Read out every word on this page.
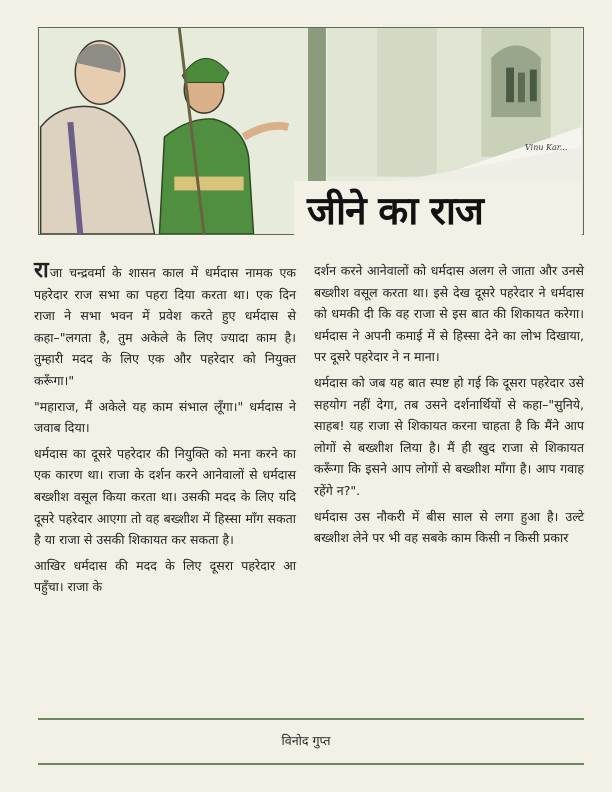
Vinu Kar...
जीने का राज

राजा चन्द्रवर्मा के शासन काल में धर्मदास नामक एक पहरेदार राज सभा का पहरा दिया करता था। एक दिन राजा ने सभा भवन में प्रवेश करते हुए धर्मदास से कहा–"लगता है, तुम अकेले के लिए ज्यादा काम है। तुम्हारी मदद के लिए एक और पहरेदार को नियुक्त करूँगा।"

"महाराज, मैं अकेले यह काम संभाल लूँगा।" धर्मदास ने जवाब दिया।

धर्मदास का दूसरे पहरेदार की नियुक्ति को मना करने का एक कारण था। राजा के दर्शन करने आनेवालों से धर्मदास बख्शीश वसूल किया करता था। उसकी मदद के लिए यदि दूसरे पहरेदार आएगा तो वह बख्शीश में हिस्सा माँग सकता है या राजा से उसकी शिकायत कर सकता है।

आखिर धर्मदास की मदद के लिए दूसरा पहरेदार आ पहुँचा। राजा के

दर्शन करने आनेवालों को धर्मदास अलग ले जाता और उनसे बख्शीश वसूल करता था। इसे देख दूसरे पहरेदार ने धर्मदास को धमकी दी कि वह राजा से इस बात की शिकायत करेगा। धर्मदास ने अपनी कमाई में से हिस्सा देने का लोभ दिखाया, पर दूसरे पहरेदार ने न माना।

धर्मदास को जब यह बात स्पष्ट हो गई कि दूसरा पहरेदार उसे सहयोग नहीं देगा, तब उसने दर्शनार्थियों से कहा–"सुनिये, साहब! यह राजा से शिकायत करना चाहता है कि मैंने आप लोगों से बख्शीश लिया है। मैं ही खुद राजा से शिकायत करूँगा कि इसने आप लोगों से बख्शीश माँगा है। आप गवाह रहेंगे न?".

धर्मदास उस नौकरी में बीस साल से लगा हुआ है। उल्टे बख्शीश लेने पर भी वह सबके काम किसी न किसी प्रकार

विनोद गुप्त
